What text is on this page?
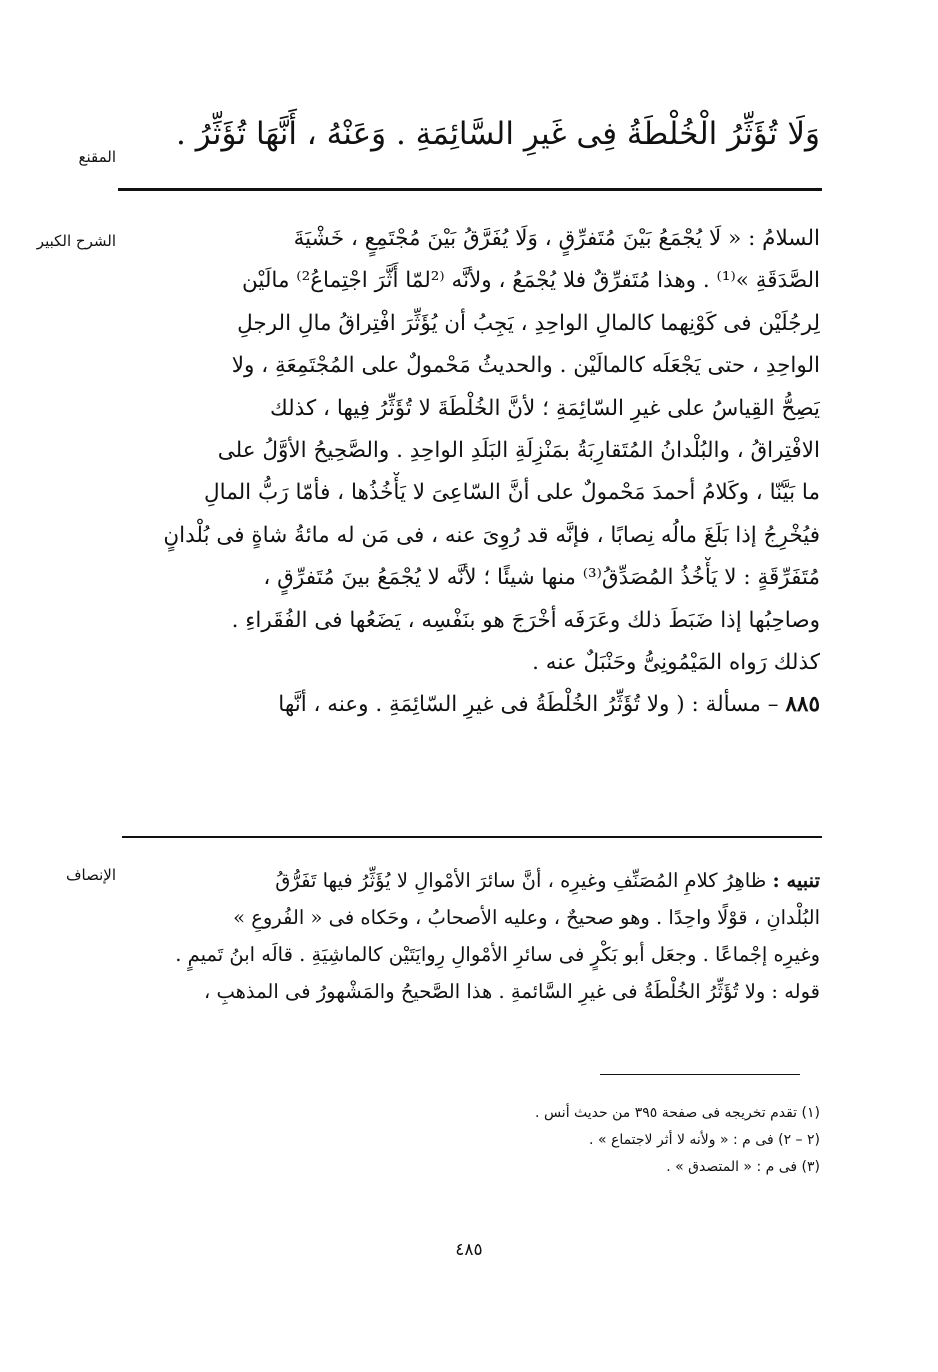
المقنع
الشرح الكبير
الإنصاف
وَلَا تُؤَثِّرُ الْخُلْطَةُ فِى غَيرِ السَّائِمَةِ . وَعَنْهُ ، أَنَّهَا تُؤَثِّرُ .
السلامُ : « لَا يُجْمَعُ بَيْنَ مُتَفرِّقٍ ، وَلَا يُفَرَّقُ بَيْنَ مُجْتَمِعٍ ، خَشْيَةَ
الصَّدَقَةِ »⁽¹⁾ . وهذا مُتَفرِّقٌ فلا يُجْمَعُ ، ولأنَّه ⁽²لمّا أَثَّرَ اجْتِماعُ²⁾ مالَيْن
لِرجُلَيْن فى كَوْنِهما كالمالِ الواحِدِ ، يَجِبُ أن يُؤَثِّرَ افْتِراقُ مالِ الرجلِ
الواحِدِ ، حتى يَجْعَلَه كالمالَيْن . والحديثُ مَحْمولٌ على المُجْتَمِعَةِ ، ولا
يَصِحُّ القِياسُ على غيرِ السّائِمَةِ ؛ لأنَّ الخُلْطَةَ لا تُؤَثِّرُ فِيها ، كذلك
الافْتِراقُ ، والبُلْدانُ المُتَقارِبَةُ بمَنْزِلَةِ البَلَدِ الواحِدِ . والصَّحِيحُ الأوَّلُ على
ما بَيَّنّا ، وكَلامُ أحمدَ مَحْمولٌ على أنَّ السّاعِىَ لا يَأْخُذُها ، فأمّا رَبُّ المالِ
فيُخْرِجُ إذا بَلَغَ مالُه نِصابًا ، فإنَّه قد رُوِىَ عنه ، فى مَن له مائةُ شاةٍ فى بُلْدانٍ
مُتَفَرِّقَةٍ : لا يَأْخُذُ المُصَدِّقُ⁽³⁾ منها شيئًا ؛ لأنَّه لا يُجْمَعُ بينَ مُتَفرِّقٍ ،
وصاحِبُها إذا ضَبَطَ ذلك وعَرَفَه أخْرَجَ هو بنَفْسِه ، يَضَعُها فى الفُقَراءِ .
كذلك رَواه المَيْمُونِىُّ وحَنْبَلٌ عنه .
٨٨٥ – مسألة : ( ولا تُؤَثِّرُ الخُلْطَةُ فى غيرِ السّائِمَةِ . وعنه ، أنَّها
تنبيه : ظاهِرُ كلامِ المُصَنِّفِ وغيرِه ، أنَّ سائرَ الأمْوالِ لا يُؤَثِّرُ فيها تَفَرُّقُ
البُلْدانِ ، قوْلًا واحِدًا . وهو صحيحٌ ، وعليه الأصحابُ ، وحَكاه فى « الفُروعِ »
وغيرِه إجْماعًا . وجعَل أبو بَكْرٍ فى سائرِ الأمْوالِ رِوايَتَيْن كالماشِيَةِ . قالَه ابنُ تَميمٍ .
قوله : ولا تُؤَثِّرُ الخُلْطَةُ فى غيرِ السَّائمةِ . هذا الصَّحيحُ والمَشْهورُ فى المذهبِ ،
(١) تقدم تخريجه فى صفحة ٣٩٥ من حديث أنس .
(٢ – ٢) فى م : « ولأنه لا أثر لاجتماع » .
(٣) فى م : « المتصدق » .
٤٨٥
